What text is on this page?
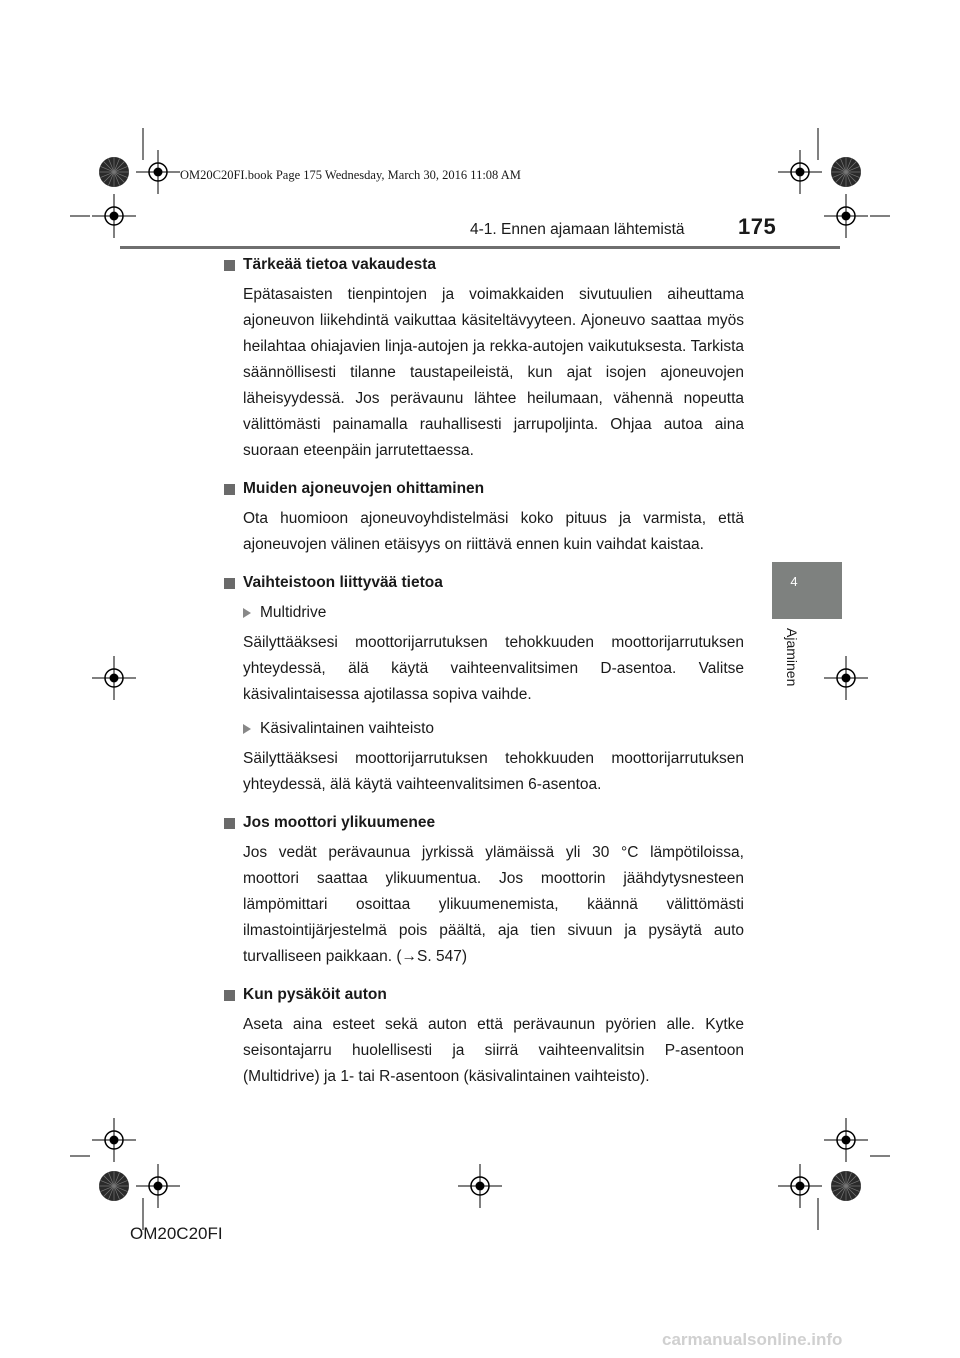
OM20C20FI.book Page 175 Wednesday, March 30, 2016 11:08 AM
4-1. Ennen ajamaan lähtemistä 175
4
Ajaminen
Tärkeää tietoa vakaudesta
Epätasaisten tienpintojen ja voimakkaiden sivutuulien aiheuttama ajoneuvon liikehdintä vaikuttaa käsiteltävyyteen. Ajoneuvo saattaa myös heilahtaa ohiajavien linja-autojen ja rekka-autojen vaikutuksesta. Tarkista säännöllisesti tilanne taustapeileistä, kun ajat isojen ajoneuvojen läheisyydessä. Jos perävaunu lähtee heilumaan, vähennä nopeutta välittömästi painamalla rauhallisesti jarrupoljinta. Ohjaa autoa aina suoraan eteenpäin jarrutettaessa.
Muiden ajoneuvojen ohittaminen
Ota huomioon ajoneuvoyhdistelmäsi koko pituus ja varmista, että ajoneuvojen välinen etäisyys on riittävä ennen kuin vaihdat kaistaa.
Vaihteistoon liittyvää tietoa
Multidrive
Säilyttääksesi moottorijarrutuksen tehokkuuden moottorijarrutuksen yhteydessä, älä käytä vaihteenvalitsimen D-asentoa. Valitse käsivalintaisessa ajotilassa sopiva vaihde.
Käsivalintainen vaihteisto
Säilyttääksesi moottorijarrutuksen tehokkuuden moottorijarrutuksen yhteydessä, älä käytä vaihteenvalitsimen 6-asentoa.
Jos moottori ylikuumenee
Jos vedät perävaunua jyrkissä ylämäissä yli 30 °C lämpötiloissa, moottori saattaa ylikuumentua. Jos moottorin jäähdytysnesteen lämpömittari osoittaa ylikuumenemista, käännä välittömästi ilmastointijärjestelmä pois päältä, aja tien sivuun ja pysäytä auto turvalliseen paikkaan. (→S. 547)
Kun pysäköit auton
Aseta aina esteet sekä auton että perävaunun pyörien alle. Kytke seisontajarru huolellisesti ja siirrä vaihteenvalitsin P-asentoon (Multidrive) ja 1- tai R-asentoon (käsivalintainen vaihteisto).
OM20C20FI
carmanualsonline.info
